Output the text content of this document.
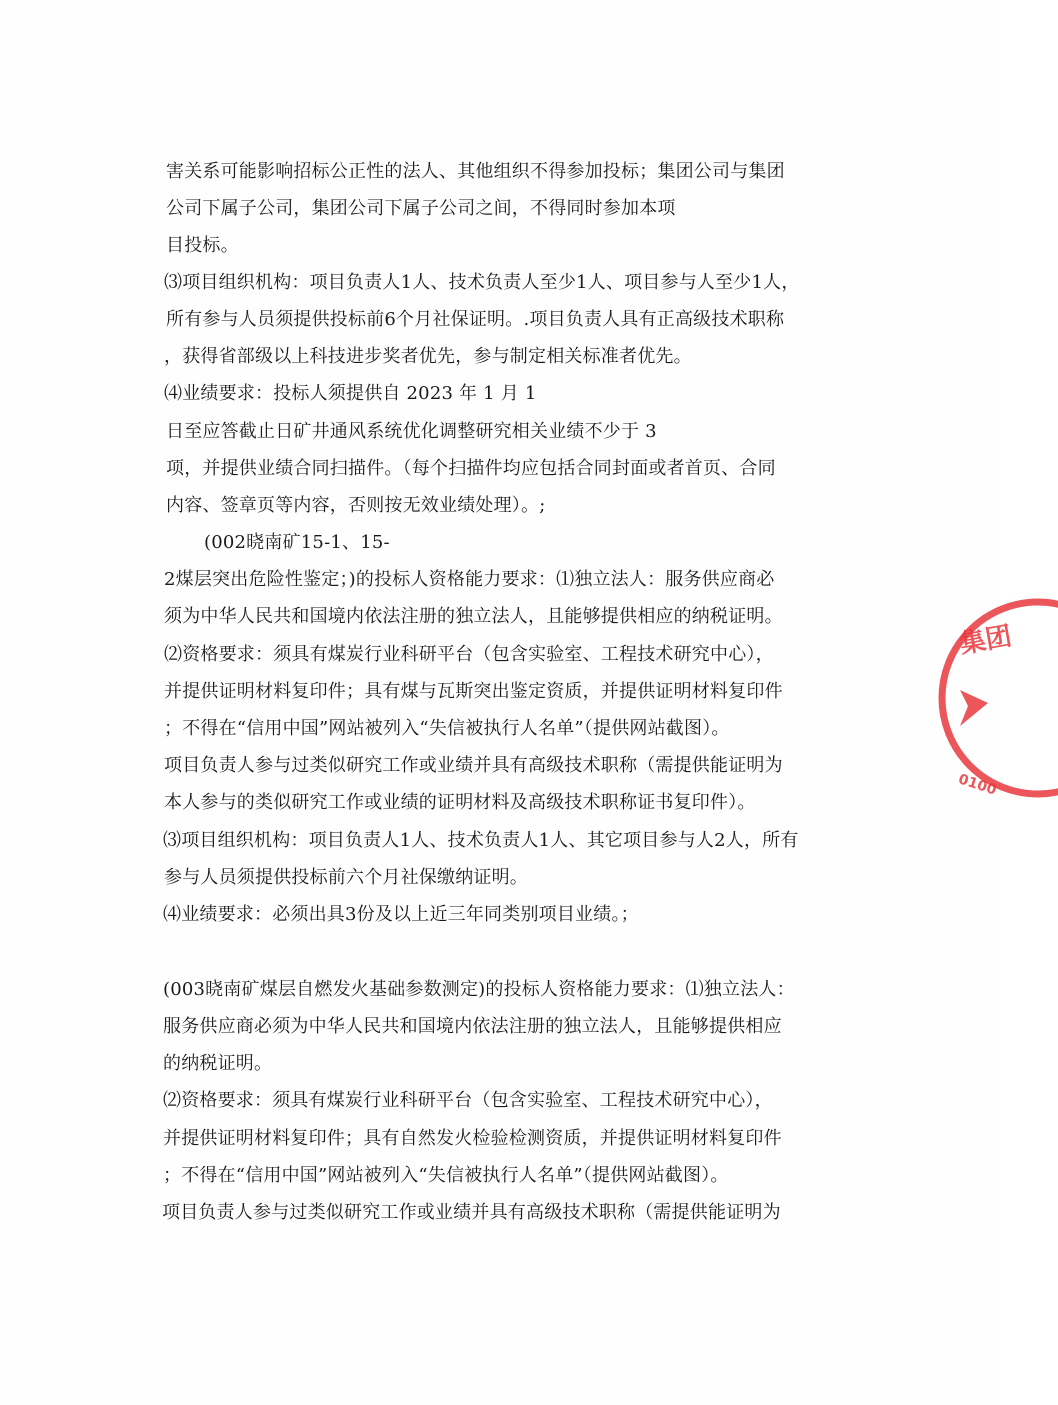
害关系可能影响招标公正性的法人、其他组织不得参加投标；集团公司与集团
公司下属子公司，集团公司下属子公司之间，不得同时参加本项
目投标。
⑶项目组织机构：项目负责人1人、技术负责人至少1人、项目参与人至少1人，
所有参与人员须提供投标前6个月社保证明。.项目负责人具有正高级技术职称
，获得省部级以上科技进步奖者优先，参与制定相关标准者优先。
⑷业绩要求：投标人须提供自 2023 年 1 月 1
日至应答截止日矿井通风系统优化调整研究相关业绩不少于 3
项，并提供业绩合同扫描件。（每个扫描件均应包括合同封面或者首页、合同
内容、签章页等内容，否则按无效业绩处理）。;
(002晓南矿15-1、15-
2煤层突出危险性鉴定；)的投标人资格能力要求：⑴独立法人：服务供应商必
须为中华人民共和国境内依法注册的独立法人，且能够提供相应的纳税证明。
⑵资格要求：须具有煤炭行业科研平台（包含实验室、工程技术研究中心），
并提供证明材料复印件；具有煤与瓦斯突出鉴定资质，并提供证明材料复印件
；不得在“信用中国”网站被列入“失信被执行人名单”（提供网站截图）。
项目负责人参与过类似研究工作或业绩并具有高级技术职称（需提供能证明为
本人参与的类似研究工作或业绩的证明材料及高级技术职称证书复印件）。
⑶项目组织机构：项目负责人1人、技术负责人1人、其它项目参与人2人，所有
参与人员须提供投标前六个月社保缴纳证明。
⑷业绩要求：必须出具3份及以上近三年同类别项目业绩。；
(003晓南矿煤层自燃发火基础参数测定)的投标人资格能力要求：⑴独立法人：
服务供应商必须为中华人民共和国境内依法注册的独立法人，且能够提供相应
的纳税证明。
⑵资格要求：须具有煤炭行业科研平台（包含实验室、工程技术研究中心），
并提供证明材料复印件；具有自然发火检验检测资质，并提供证明材料复印件
；不得在“信用中国”网站被列入“失信被执行人名单”（提供网站截图）。
项目负责人参与过类似研究工作或业绩并具有高级技术职称（需提供能证明为
集团
0100
